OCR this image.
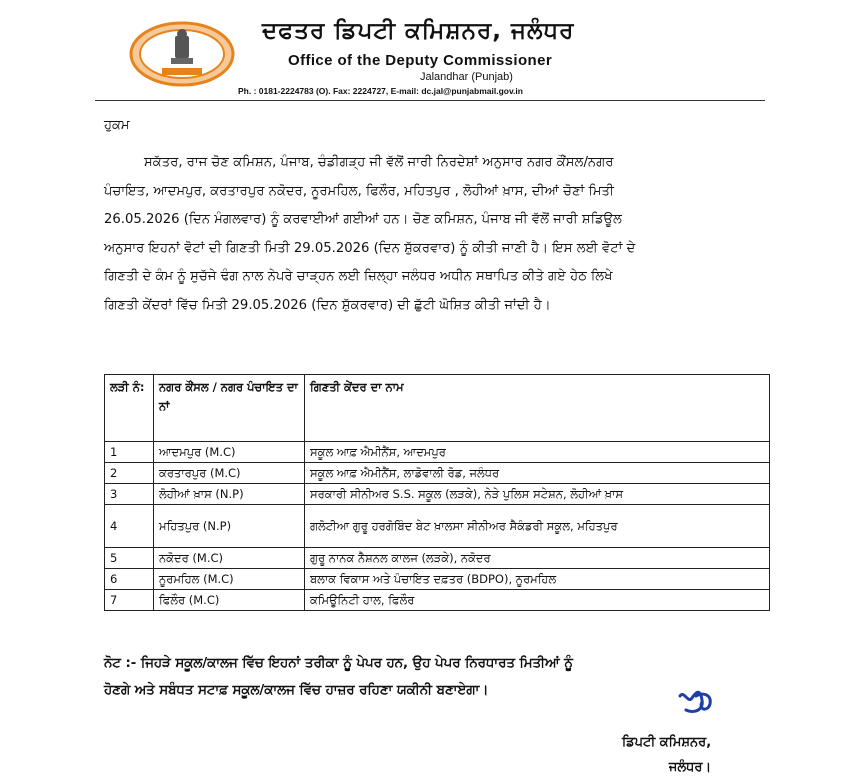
ਦਫਤਰ ਡਿਪਟੀ ਕਮਿਸ਼ਨਰ, ਜਲੰਧਰ
Office of the Deputy Commissioner
Jalandhar (Punjab)
Ph. : 0181-2224783 (O). Fax: 2224727, E-mail: dc.jal@punjabmail.gov.in
ਹੁਕਮ

ਸਕੱਤਰ, ਰਾਜ ਚੋਣ ਕਮਿਸ਼ਨ, ਪੰਜਾਬ, ਚੰਡੀਗੜ੍ਹ ਜੀ ਵੱਲੋਂ ਜਾਰੀ ਨਿਰਦੇਸ਼ਾਂ ਅਨੁਸਾਰ ਨਗਰ ਕੌਂਸਲ/ਨਗਰ

ਪੰਚਾਇਤ, ਆਦਮਪੁਰ, ਕਰਤਾਰਪੁਰ ਨਕੋਦਰ, ਨੂਰਮਹਿਲ, ਫਿਲੌਰ, ਮਹਿਤਪੁਰ , ਲੋਹੀਆਂ ਖ਼ਾਸ, ਦੀਆਂ ਚੋਣਾਂ ਮਿਤੀ

26.05.2026 (ਦਿਨ ਮੰਗਲਵਾਰ) ਨੂੰ ਕਰਵਾਈਆਂ ਗਈਆਂ ਹਨ। ਚੋਣ ਕਮਿਸ਼ਨ, ਪੰਜਾਬ ਜੀ ਵੱਲੋਂ ਜਾਰੀ ਸ਼ਡਿਊਲ

ਅਨੁਸਾਰ ਇਹਨਾਂ ਵੋਟਾਂ ਦੀ ਗਿਣਤੀ ਮਿਤੀ 29.05.2026 (ਦਿਨ ਸ਼ੁੱਕਰਵਾਰ) ਨੂੰ ਕੀਤੀ ਜਾਣੀ ਹੈ। ਇਸ ਲਈ ਵੋਟਾਂ ਦੇ

ਗਿਣਤੀ ਦੇ ਕੰਮ ਨੂੰ ਸੁਚੱਜੇ ਢੰਗ ਨਾਲ ਨੇਪਰੇ ਚਾੜ੍ਹਨ ਲਈ ਜ਼ਿਲ੍ਹਾ ਜਲੰਧਰ ਅਧੀਨ ਸਥਾਪਿਤ ਕੀਤੇ ਗਏ ਹੇਠ ਲਿਖੇ

ਗਿਣਤੀ ਕੇਂਦਰਾਂ ਵਿੱਚ ਮਿਤੀ 29.05.2026 (ਦਿਨ ਸ਼ੁੱਕਰਵਾਰ) ਦੀ ਛੁੱਟੀ ਘੋਸ਼ਿਤ ਕੀਤੀ ਜਾਂਦੀ ਹੈ।

ਲੜੀ ਨੰ:	ਨਗਰ ਕੌਂਸਲ / ਨਗਰ ਪੰਚਾਇਤ ਦਾ ਨਾਂ	ਗਿਣਤੀ ਕੇਂਦਰ ਦਾ ਨਾਮ
1	ਆਦਮਪੁਰ (M.C)	ਸਕੂਲ ਆਫ਼ ਐਮੀਨੈਂਸ, ਆਦਮਪੁਰ
2	ਕਰਤਾਰਪੁਰ (M.C)	ਸਕੂਲ ਆਫ਼ ਐਮੀਨੈਂਸ, ਲਾਡੋਵਾਲੀ ਰੋਡ, ਜਲੰਧਰ
3	ਲੋਹੀਆਂ ਖ਼ਾਸ (N.P)	ਸਰਕਾਰੀ ਸੀਨੀਅਰ S.S. ਸਕੂਲ (ਲੜਕੇ), ਨੇੜੇ ਪੁਲਿਸ ਸਟੇਸ਼ਨ, ਲੋਹੀਆਂ ਖ਼ਾਸ
4	ਮਹਿਤਪੁਰ (N.P)	ਗਲੋਟੀਆ ਗੁਰੂ ਹਰਗੋਬਿੰਦ ਬੇਟ ਖ਼ਾਲਸਾ ਸੀਨੀਅਰ ਸੈਕੰਡਰੀ ਸਕੂਲ, ਮਹਿਤਪੁਰ
5	ਨਕੋਦਰ (M.C)	ਗੁਰੂ ਨਾਨਕ ਨੈਸ਼ਨਲ ਕਾਲਜ (ਲੜਕੇ), ਨਕੋਦਰ
6	ਨੂਰਮਹਿਲ (M.C)	ਬਲਾਕ ਵਿਕਾਸ ਅਤੇ ਪੰਚਾਇਤ ਦਫ਼ਤਰ (BDPO), ਨੂਰਮਹਿਲ
7	ਫਿਲੌਰ (M.C)	ਕਮਿਊਨਿਟੀ ਹਾਲ, ਫਿਲੌਰ

ਨੋਟ :- ਜਿਹੜੇ ਸਕੂਲ/ਕਾਲਜ ਵਿੱਚ ਇਹਨਾਂ ਤਰੀਕਾ ਨੂੰ ਪੇਪਰ ਹਨ, ਉਹ ਪੇਪਰ ਨਿਰਧਾਰਤ ਮਿਤੀਆਂ ਨੂੰ

ਹੋਣਗੇ ਅਤੇ ਸਬੰਧਤ ਸਟਾਫ਼ ਸਕੂਲ/ਕਾਲਜ ਵਿੱਚ ਹਾਜ਼ਰ ਰਹਿਣਾ ਯਕੀਨੀ ਬਣਾਏਗਾ।

ਡਿਪਟੀ ਕਮਿਸ਼ਨਰ,
ਜਲੰਧਰ।
